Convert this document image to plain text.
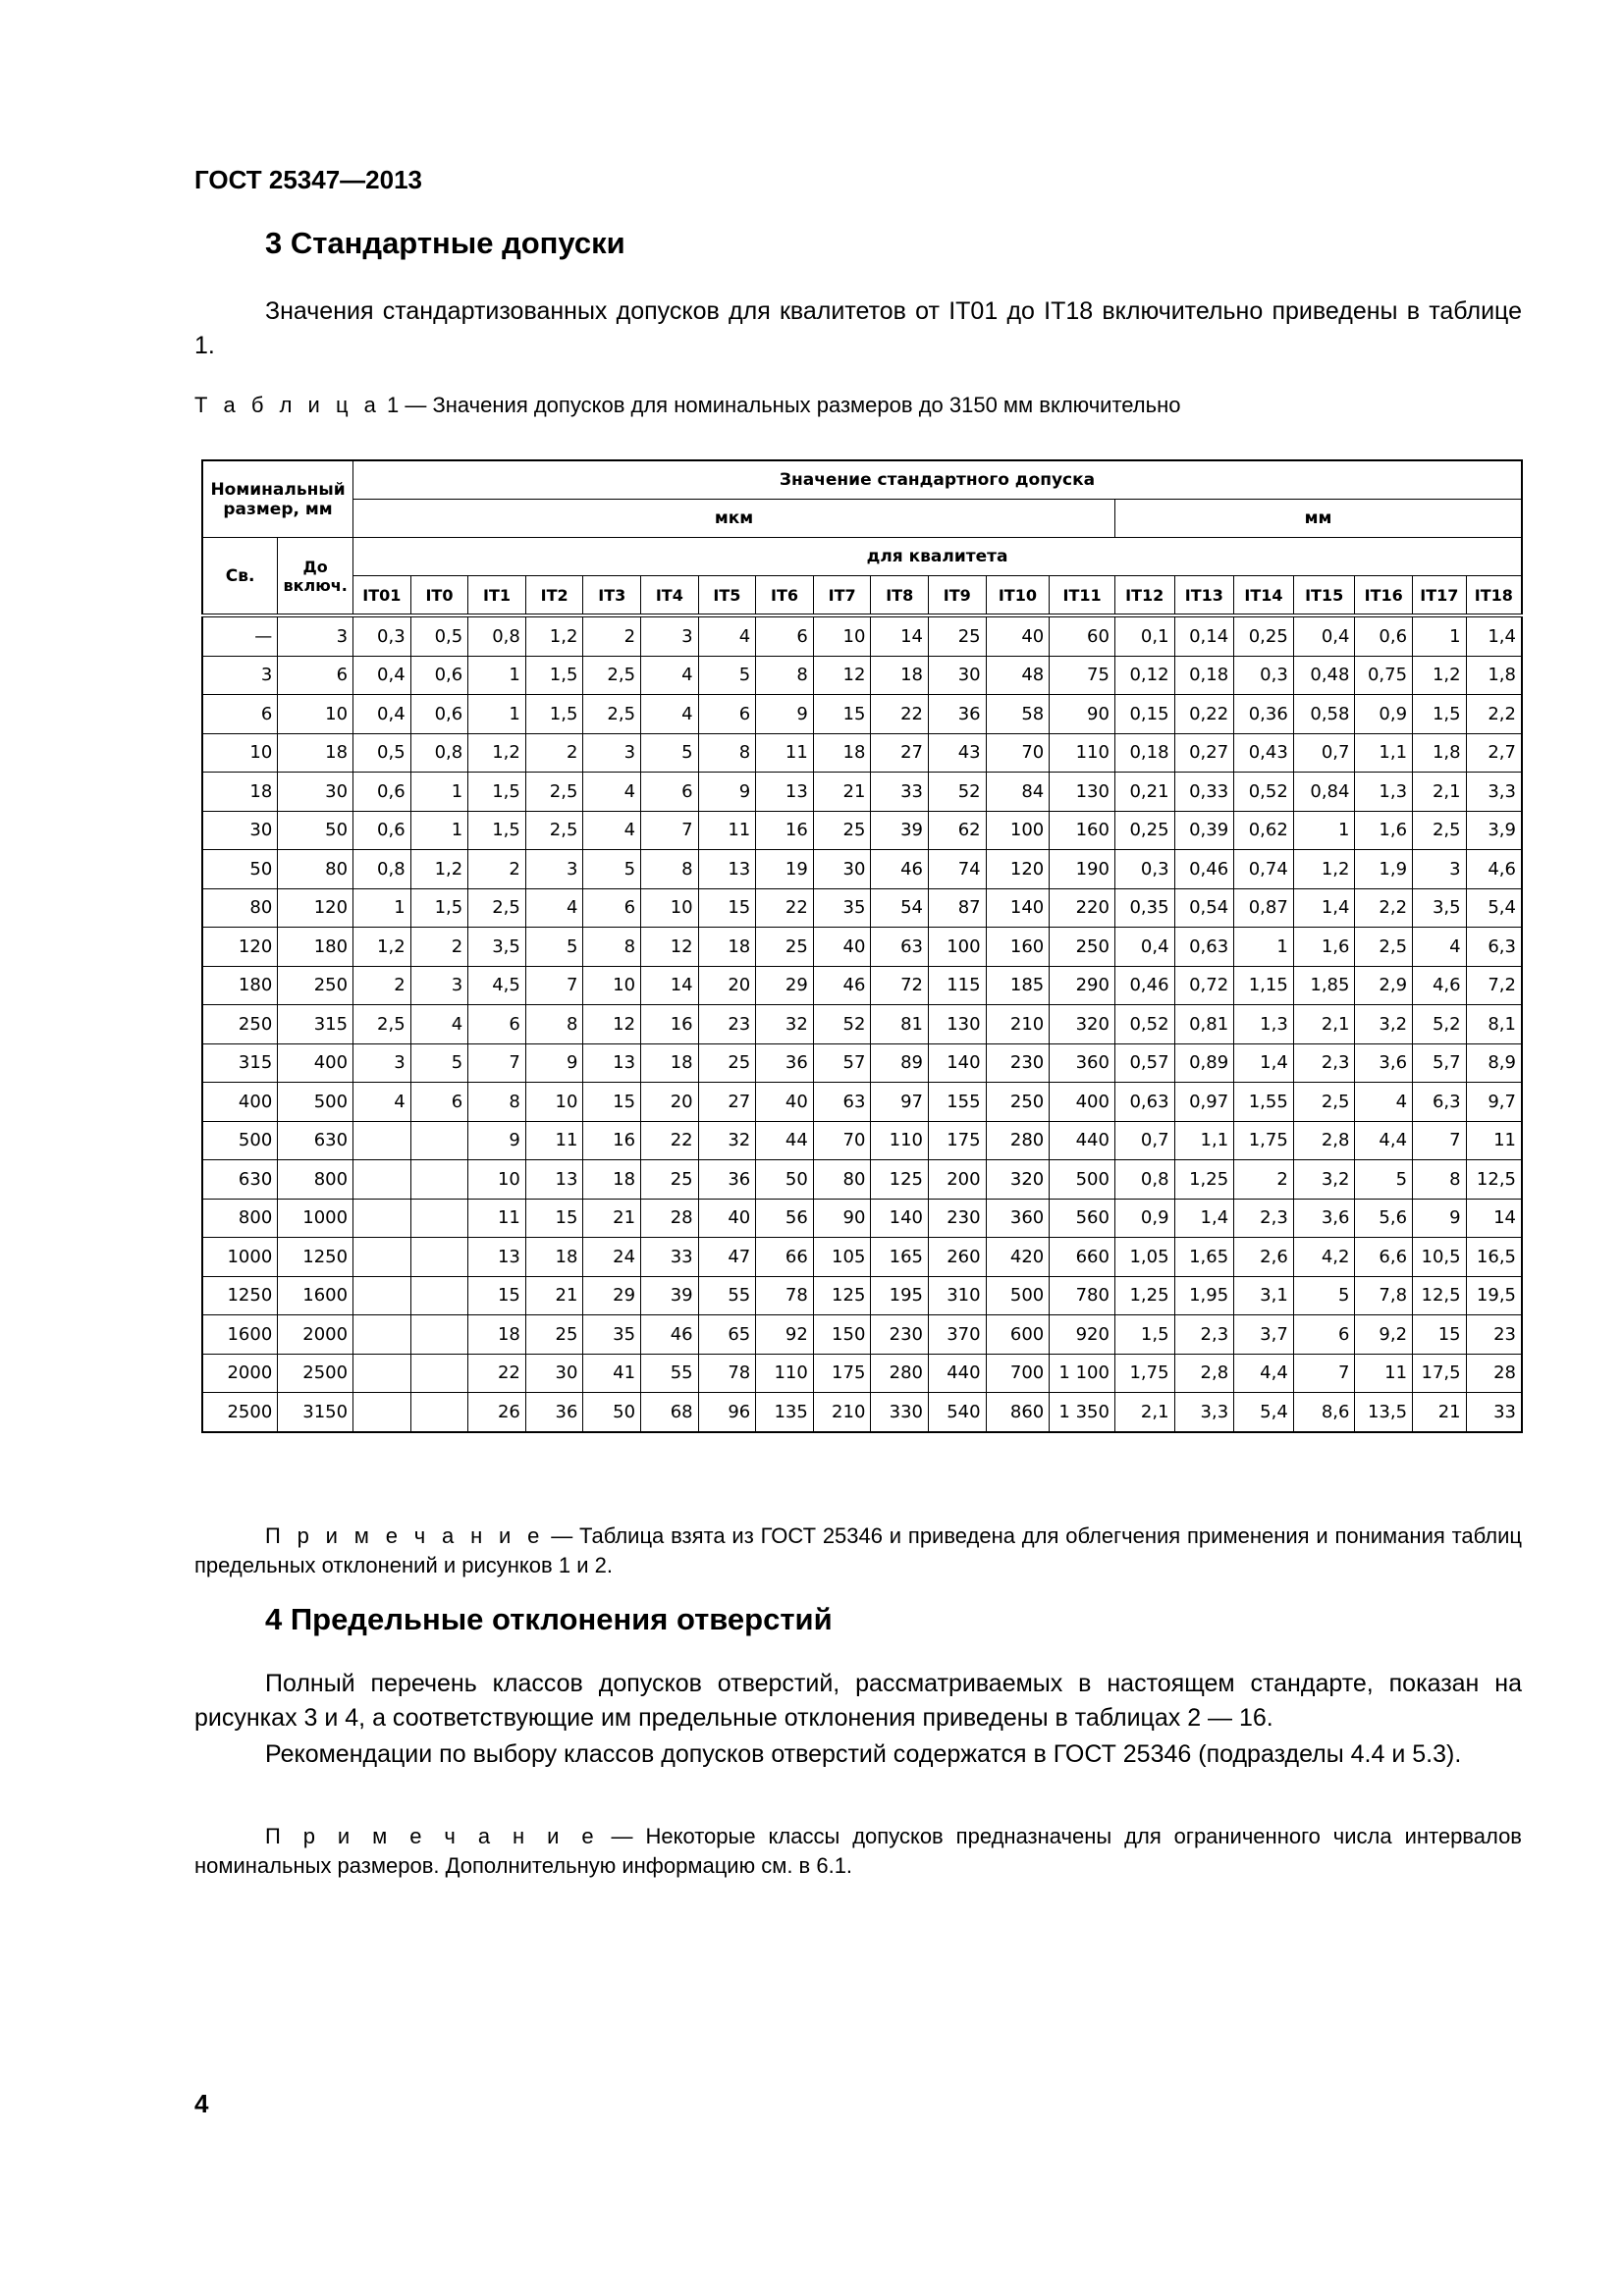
ГОСТ 25347—2013
3 Стандартные допуски
Значения стандартизованных допусков для квалитетов от IT01 до IT18 включительно приведены в таблице 1.
Т а б л и ц а 1 — Значения допусков для номинальных размеров до 3150 мм включительно
Номинальный размер, мм		Значение стандартного допуска																			
		мкм													мм						
Св.	До включ.	для квалитета																			
		IT01	IT0	IT1	IT2	IT3	IT4	IT5	IT6	IT7	IT8	IT9	IT10	IT11	IT12	IT13	IT14	IT15	IT16	IT17	IT18
—	3	0,3	0,5	0,8	1,2	2	3	4	6	10	14	25	40	60	0,1	0,14	0,25	0,4	0,6	1	1,4
3	6	0,4	0,6	1	1,5	2,5	4	5	8	12	18	30	48	75	0,12	0,18	0,3	0,48	0,75	1,2	1,8
6	10	0,4	0,6	1	1,5	2,5	4	6	9	15	22	36	58	90	0,15	0,22	0,36	0,58	0,9	1,5	2,2
10	18	0,5	0,8	1,2	2	3	5	8	11	18	27	43	70	110	0,18	0,27	0,43	0,7	1,1	1,8	2,7
18	30	0,6	1	1,5	2,5	4	6	9	13	21	33	52	84	130	0,21	0,33	0,52	0,84	1,3	2,1	3,3
30	50	0,6	1	1,5	2,5	4	7	11	16	25	39	62	100	160	0,25	0,39	0,62	1	1,6	2,5	3,9
50	80	0,8	1,2	2	3	5	8	13	19	30	46	74	120	190	0,3	0,46	0,74	1,2	1,9	3	4,6
80	120	1	1,5	2,5	4	6	10	15	22	35	54	87	140	220	0,35	0,54	0,87	1,4	2,2	3,5	5,4
120	180	1,2	2	3,5	5	8	12	18	25	40	63	100	160	250	0,4	0,63	1	1,6	2,5	4	6,3
180	250	2	3	4,5	7	10	14	20	29	46	72	115	185	290	0,46	0,72	1,15	1,85	2,9	4,6	7,2
250	315	2,5	4	6	8	12	16	23	32	52	81	130	210	320	0,52	0,81	1,3	2,1	3,2	5,2	8,1
315	400	3	5	7	9	13	18	25	36	57	89	140	230	360	0,57	0,89	1,4	2,3	3,6	5,7	8,9
400	500	4	6	8	10	15	20	27	40	63	97	155	250	400	0,63	0,97	1,55	2,5	4	6,3	9,7
500	630			9	11	16	22	32	44	70	110	175	280	440	0,7	1,1	1,75	2,8	4,4	7	11
630	800			10	13	18	25	36	50	80	125	200	320	500	0,8	1,25	2	3,2	5	8	12,5
800	1000			11	15	21	28	40	56	90	140	230	360	560	0,9	1,4	2,3	3,6	5,6	9	14
1000	1250			13	18	24	33	47	66	105	165	260	420	660	1,05	1,65	2,6	4,2	6,6	10,5	16,5
1250	1600			15	21	29	39	55	78	125	195	310	500	780	1,25	1,95	3,1	5	7,8	12,5	19,5
1600	2000			18	25	35	46	65	92	150	230	370	600	920	1,5	2,3	3,7	6	9,2	15	23
2000	2500			22	30	41	55	78	110	175	280	440	700	1 100	1,75	2,8	4,4	7	11	17,5	28
2500	3150			26	36	50	68	96	135	210	330	540	860	1 350	2,1	3,3	5,4	8,6	13,5	21	33
П р и м е ч а н и е — Таблица взята из ГОСТ 25346 и приведена для облегчения применения и понимания таблиц предельных отклонений и рисунков 1 и 2.
4 Предельные отклонения отверстий
Полный перечень классов допусков отверстий, рассматриваемых в настоящем стандарте, показан на рисунках 3 и 4, а соответствующие им предельные отклонения приведены в таблицах 2 — 16.
Рекомендации по выбору классов допусков отверстий содержатся в ГОСТ 25346 (подразделы 4.4 и 5.3).
П р и м е ч а н и е — Некоторые классы допусков предназначены для ограниченного числа интервалов номинальных размеров. Дополнительную информацию см. в 6.1.
4
